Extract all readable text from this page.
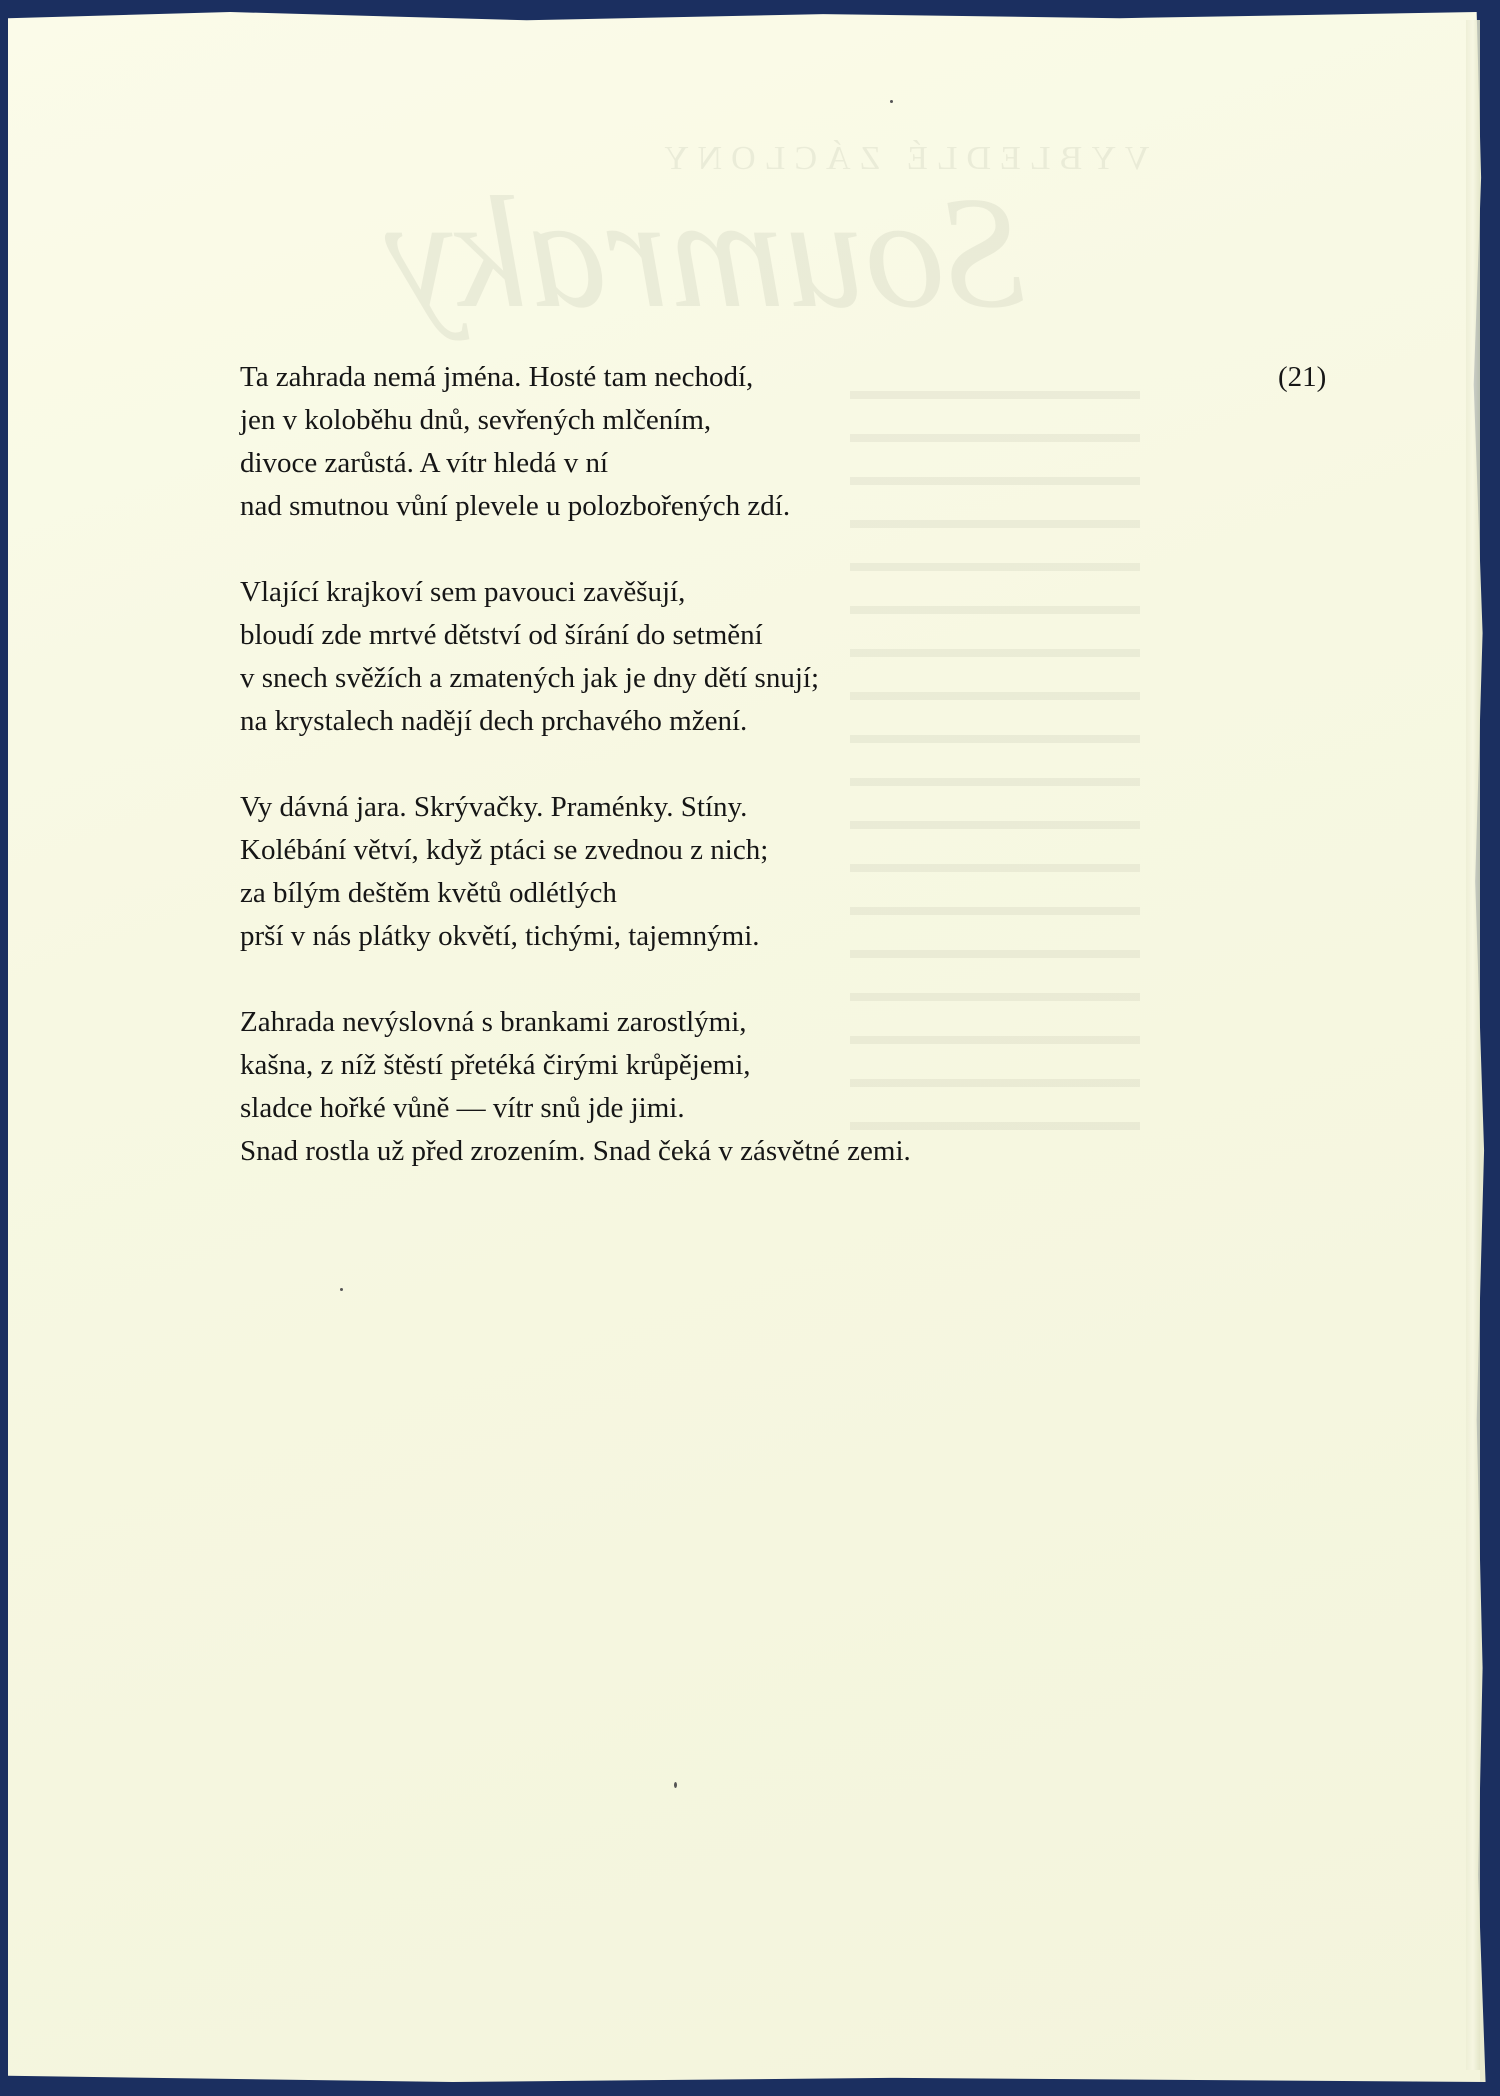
(21)
Ta zahrada nemá jména. Hosté tam nechodí,
jen v koloběhu dnů, sevřených mlčením,
divoce zarůstá. A vítr hledá v ní
nad smutnou vůní plevele u polozbořených zdí.
Vlající krajkoví sem pavouci zavěšují,
bloudí zde mrtvé dětství od šírání do setmění
v snech svěžích a zmatených jak je dny dětí snují;
na krystalech nadějí dech prchavého mžení.
Vy dávná jara. Skrývačky. Praménky. Stíny.
Kolébání větví, když ptáci se zvednou z nich;
za bílým deštěm květů odlétlých
prší v nás plátky okvětí, tichými, tajemnými.
Zahrada nevýslovná s brankami zarostlými,
kašna, z níž štěstí přetéká čirými krůpějemi,
sladce hořké vůně — vítr snů jde jimi.
Snad rostla už před zrozením. Snad čeká v zásvětné zemi.
